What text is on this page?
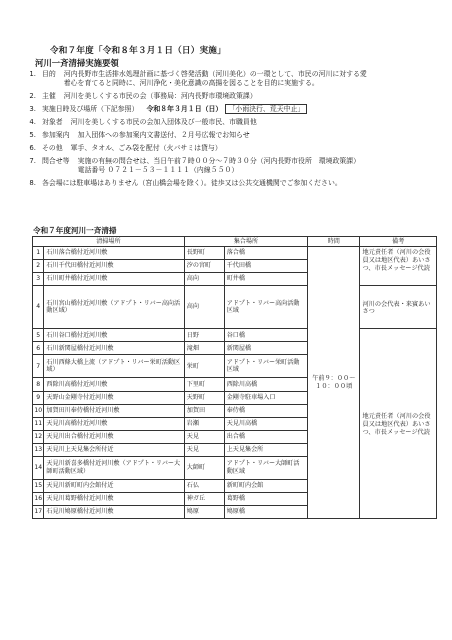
令和７年度「令和８年３月１日（日）実施」
河川一斉清掃実施要領
1. 目的 河内長野市生活排水処理計画に基づく啓発活動（河川美化）の一環として、市民の河川に対する愛
着心を育てると同時に、河川浄化・美化意識の高揚を図ることを目的に実施する。
2. 主催 河川を美しくする市民の会（事務局：河内長野市環境政策課）
3. 実施日時及び場所（下記参照） 令和８年３月１日（日） 「小雨決行、荒天中止」
4. 対象者 河川を美しくする市民の会加入団体及び一般市民、市職員他
5. 参加案内 加入団体への参加案内文書送付、２月号広報でお知らせ
6. その他 軍手、タオル、ごみ袋を配付（火バサミは貸与）
7. 問合せ等 実施の有無の問合せは、当日午前７時００分～７時３０分（河内長野市役所　環境政策課）
電話番号 ０７２１－５３－１１１１（内線５５０）
8. 各会場には駐車場はありません（宮山橋会場を除く）。徒歩又は公共交通機関でご参加ください。
令和７年度河川一斉清掃
清掃場所		集合場所		時間	備考
1	石川落合橋付近河川敷	長野町	落合橋	午前９：００～１０：００頃	地元責任者（河川の会役員又は地区代表）あいさつ、市長メッセージ代読
2	石川千代田橋付近河川敷	汐の宮町	千代田橋		
3	石川町井橋付近河川敷	高向	町井橋		
4	石川宮山橋付近河川敷（アドプト・リバー高向活動区域）	高向	アドプト・リバー高向活動区域		河川の会代表・来賓あいさつ
5	石川谷口橋付近河川敷	日野	谷口橋		地元責任者（河川の会役員又は地区代表）あいさつ、市長メッセージ代読
6	石川新関屋橋付近河川敷	滝畑	新関屋橋		
7	石川西條大橋上流（アドプト・リバー栄町活動区域）	栄町	アドプト・リバー栄町活動区域		
8	西除川高橋付近河川敷	下里町	西除川高橋		
9	天野山金剛寺付近河川敷	天野町	金剛寺駐車場入口		
10	加賀田川奉侍橋付近河川敷	加賀田	奉侍橋		
11	天見川高橋付近河川敷	岩瀬	天見川高橋		
12	天見川出合橋付近河川敷	天見	出合橋		
13	天見川上天見集会所付近	天見	上天見集会所		
14	天見川新喜多橋付近河川敷（アドプト・リバー大師町活動区域）	大師町	アドプト・リバー大師町活動区域		
15	天見川新町町内会館付近	石仏	新町町内会館		
16	天見川葛野橋付近河川敷	神ガ丘	葛野橋		
17	石見川鳩原橋付近河川敷	鳩原	鳩原橋		
